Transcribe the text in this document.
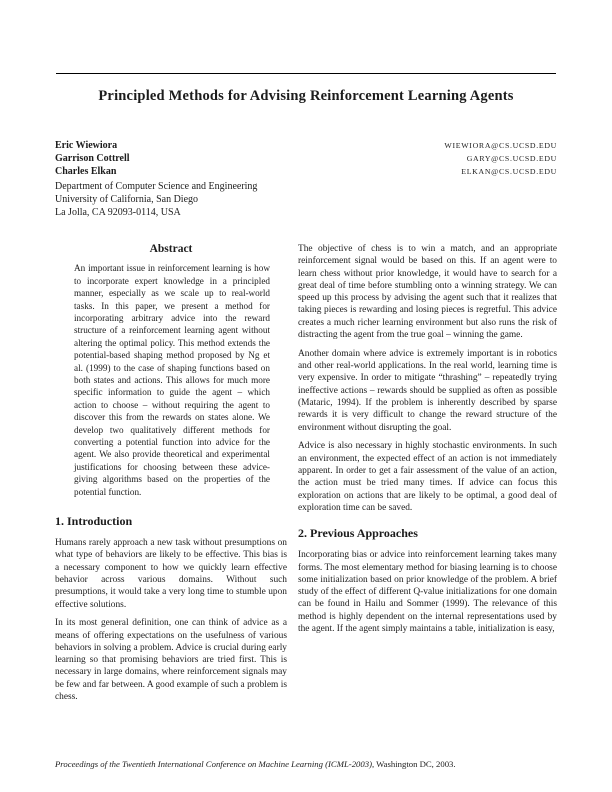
Principled Methods for Advising Reinforcement Learning Agents
Eric Wiewiora	WIEWIORA@CS.UCSD.EDU
Garrison Cottrell	GARY@CS.UCSD.EDU
Charles Elkan	ELKAN@CS.UCSD.EDU
Department of Computer Science and Engineering
University of California, San Diego
La Jolla, CA 92093-0114, USA
Abstract

An important issue in reinforcement learning is how to incorporate expert knowledge in a principled manner, especially as we scale up to real-world tasks. In this paper, we present a method for incorporating arbitrary advice into the reward structure of a reinforcement learning agent without altering the optimal policy. This method extends the potential-based shaping method proposed by Ng et al. (1999) to the case of shaping functions based on both states and actions. This allows for much more specific information to guide the agent – which action to choose – without requiring the agent to discover this from the rewards on states alone. We develop two qualitatively different methods for converting a potential function into advice for the agent. We also provide theoretical and experimental justifications for choosing between these advice-giving algorithms based on the properties of the potential function.

1. Introduction

Humans rarely approach a new task without presumptions on what type of behaviors are likely to be effective. This bias is a necessary component to how we quickly learn effective behavior across various domains. Without such presumptions, it would take a very long time to stumble upon effective solutions.

In its most general definition, one can think of advice as a means of offering expectations on the usefulness of various behaviors in solving a problem. Advice is crucial during early learning so that promising behaviors are tried first. This is necessary in large domains, where reinforcement signals may be few and far between. A good example of such a problem is chess.

The objective of chess is to win a match, and an appropriate reinforcement signal would be based on this. If an agent were to learn chess without prior knowledge, it would have to search for a great deal of time before stumbling onto a winning strategy. We can speed up this process by advising the agent such that it realizes that taking pieces is rewarding and losing pieces is regretful. This advice creates a much richer learning environment but also runs the risk of distracting the agent from the true goal – winning the game.

Another domain where advice is extremely important is in robotics and other real-world applications. In the real world, learning time is very expensive. In order to mitigate “thrashing” – repeatedly trying ineffective actions – rewards should be supplied as often as possible (Mataric, 1994). If the problem is inherently described by sparse rewards it is very difficult to change the reward structure of the environment without disrupting the goal.

Advice is also necessary in highly stochastic environments. In such an environment, the expected effect of an action is not immediately apparent. In order to get a fair assessment of the value of an action, the action must be tried many times. If advice can focus this exploration on actions that are likely to be optimal, a good deal of exploration time can be saved.

2. Previous Approaches

Incorporating bias or advice into reinforcement learning takes many forms. The most elementary method for biasing learning is to choose some initialization based on prior knowledge of the problem. A brief study of the effect of different Q-value initializations for one domain can be found in Hailu and Sommer (1999). The relevance of this method is highly dependent on the internal representations used by the agent. If the agent simply maintains a table, initialization is easy,

Proceedings of the Twentieth International Conference on Machine Learning (ICML-2003), Washington DC, 2003.
